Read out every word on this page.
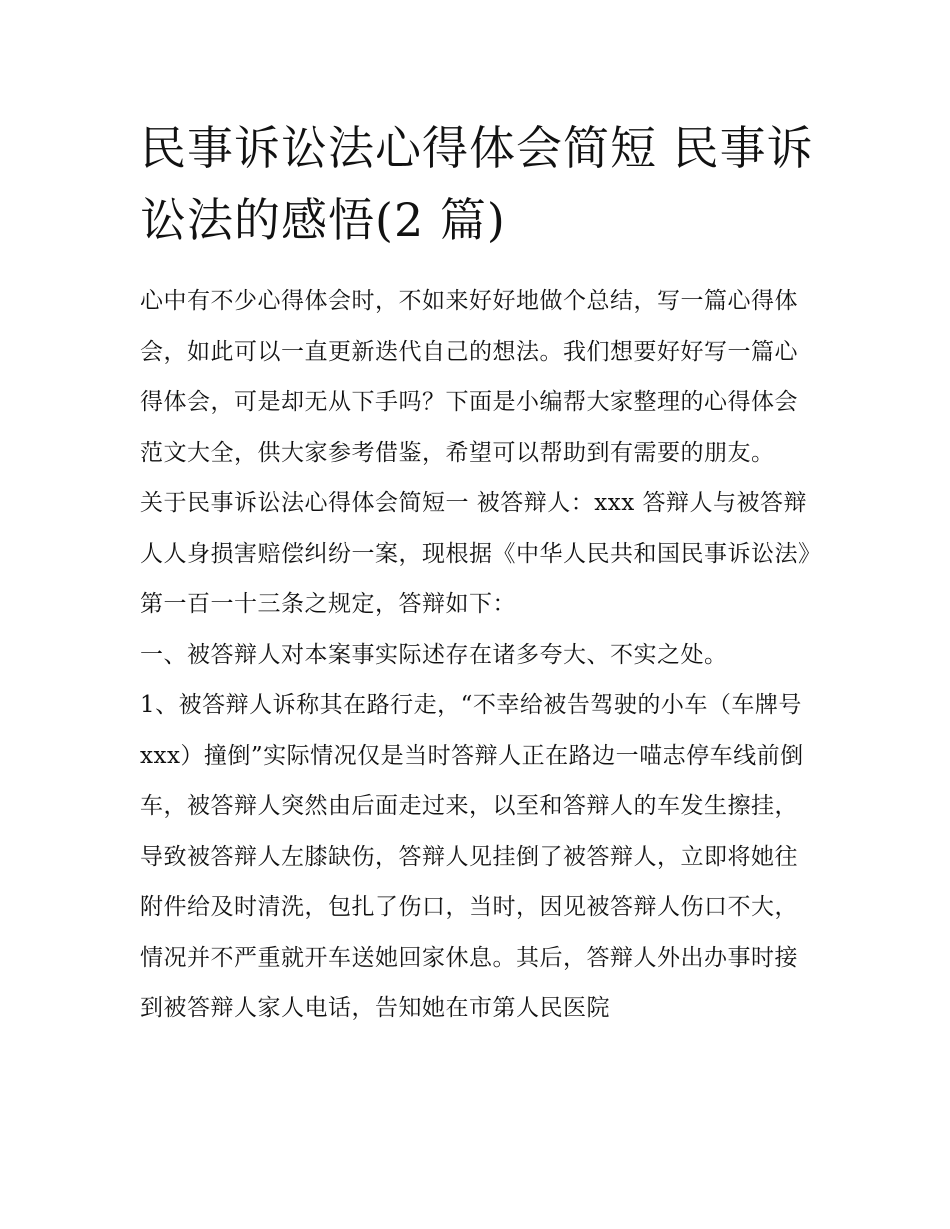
民事诉讼法心得体会简短 民事诉讼法的感悟(2 篇)

心中有不少心得体会时，不如来好好地做个总结，写一篇心得体会，如此可以一直更新迭代自己的想法。我们想要好好写一篇心得体会，可是却无从下手吗？下面是小编帮大家整理的心得体会范文大全，供大家参考借鉴，希望可以帮助到有需要的朋友。

关于民事诉讼法心得体会简短一 被答辩人：xxx 答辩人与被答辩人人身损害赔偿纠纷一案，现根据《中华人民共和国民事诉讼法》第一百一十三条之规定，答辩如下：

一、被答辩人对本案事实际述存在诸多夸大、不实之处。

1、被答辩人诉称其在路行走，“不幸给被告驾驶的小车（车牌号 xxx）撞倒”实际情况仅是当时答辩人正在路边一喵志停车线前倒车，被答辩人突然由后面走过来，以至和答辩人的车发生擦挂，导致被答辩人左膝缺伤，答辩人见挂倒了被答辩人，立即将她往附件给及时清洗，包扎了伤口，当时，因见被答辩人伤口不大，情况并不严重就开车送她回家休息。其后，答辩人外出办事时接到被答辩人家人电话，告知她在市第人民医院
